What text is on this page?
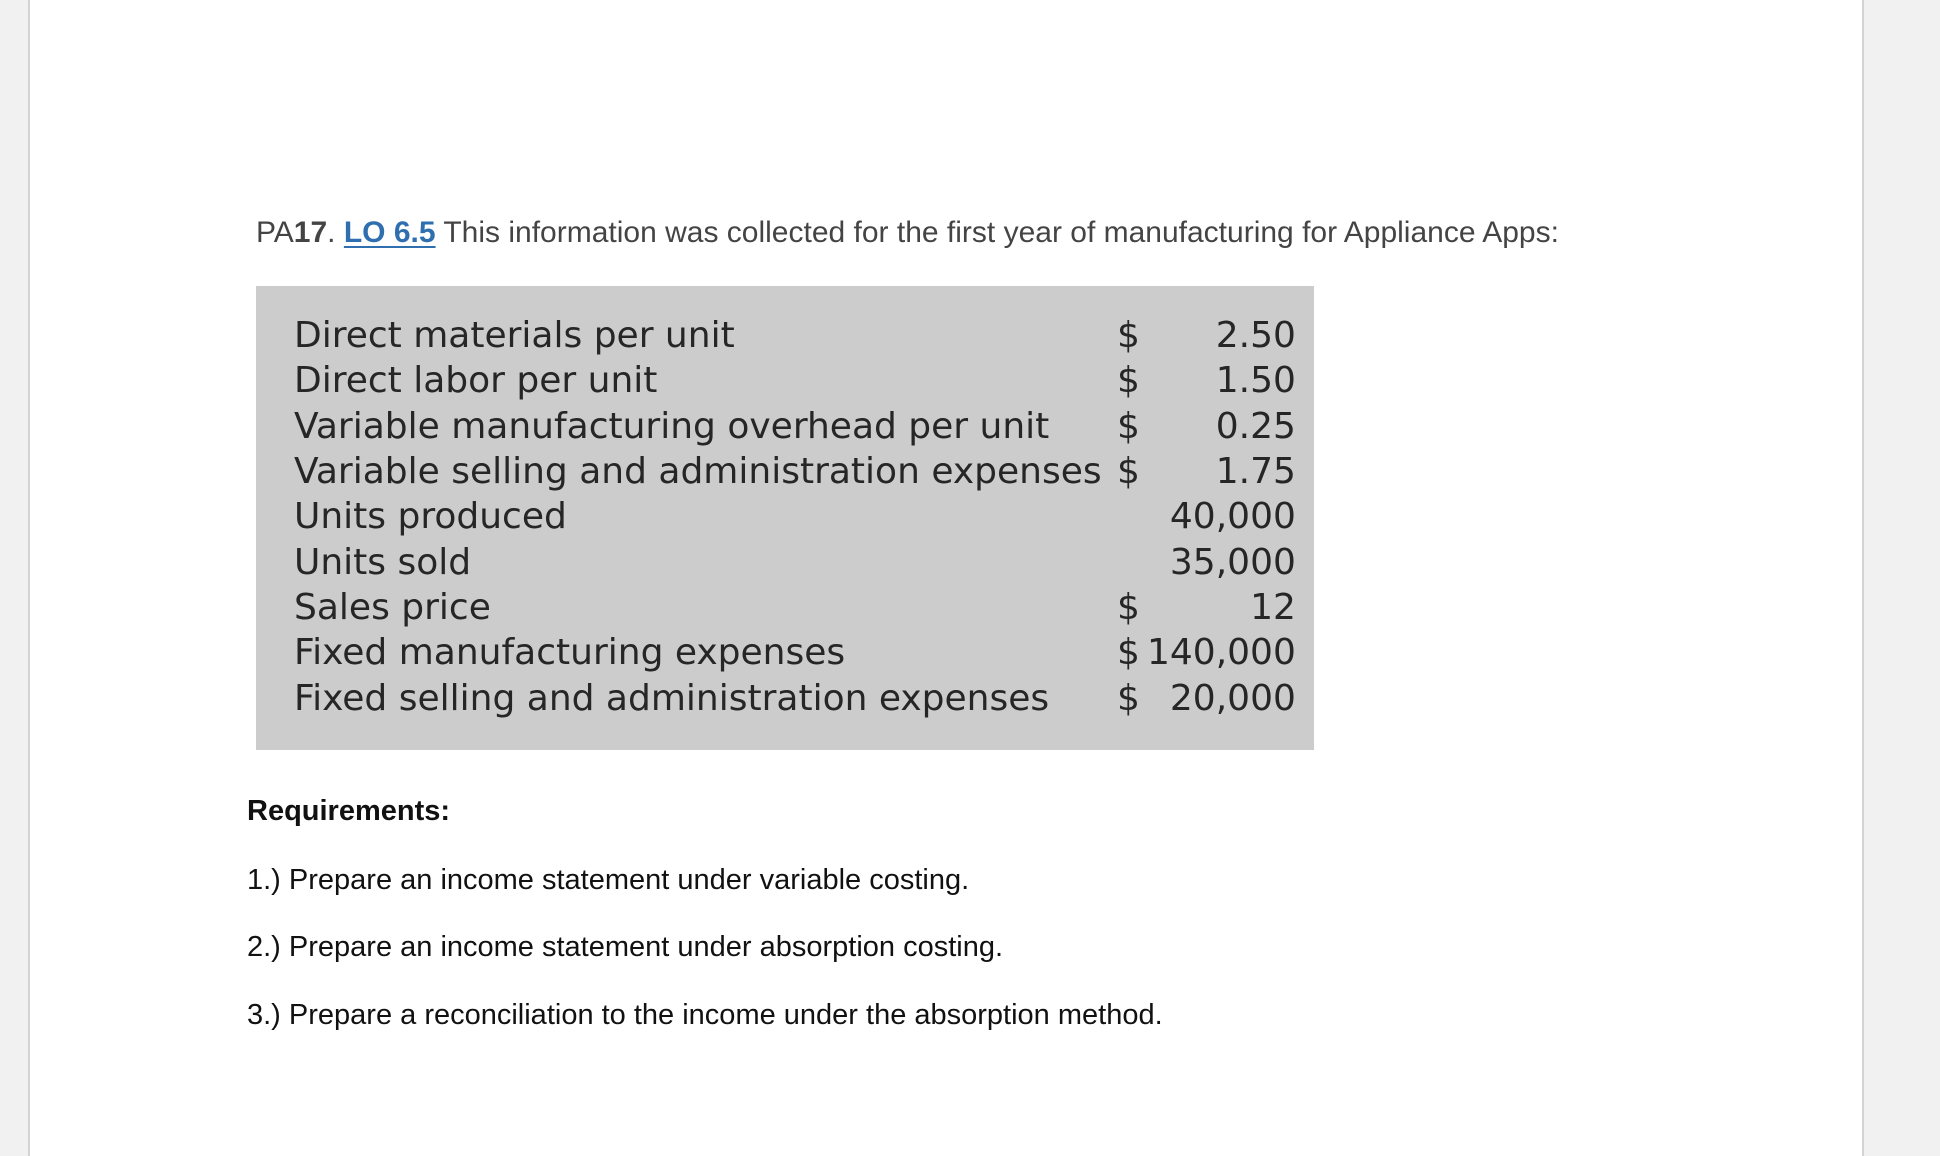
PA17. LO 6.5 This information was collected for the first year of manufacturing for Appliance Apps:
Direct materials per unit	$	2.50
Direct labor per unit	$	1.50
Variable manufacturing overhead per unit	$	0.25
Variable selling and administration expenses	$	1.75
Units produced		40,000
Units sold		35,000
Sales price	$	12
Fixed manufacturing expenses	$	140,000
Fixed selling and administration expenses	$	20,000
Requirements:
1.) Prepare an income statement under variable costing.
2.) Prepare an income statement under absorption costing.
3.) Prepare a reconciliation to the income under the absorption method.
